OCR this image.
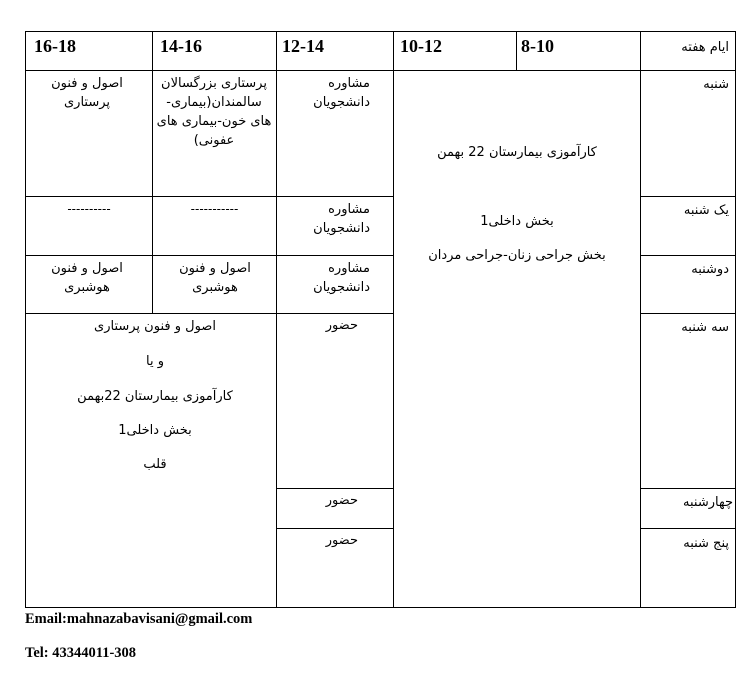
ایام هفته
8-10
10-12
12-14
14-16
16-18
شنبه
یک شنبه
دوشنبه
سه شنبه
چهارشنبه
پنج شنبه
کارآموزی بیمارستان 22 بهمن
بخش داخلی1
بخش جراحی زنان-جراحی مردان
مشاوره دانشجویان
مشاوره دانشجویان
مشاوره دانشجویان
حضور
حضور
حضور
پرستاری بزرگسالان سالمندان(بیماری-های خون-بیماری های عفونی)
-----------
اصول و فنون هوشبری
اصول و فنون پرستاری
----------
اصول و فنون هوشبری
اصول و فنون پرستاری
و یا
کارآموزی بیمارستان 22بهمن
بخش داخلی1
قلب
Email:mahnazabavisani@gmail.com
Tel: 43344011-308
